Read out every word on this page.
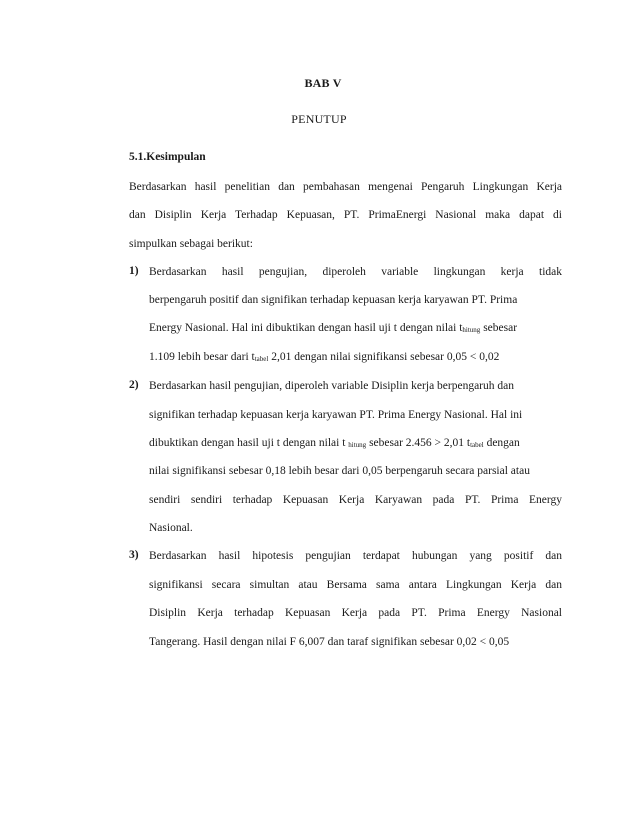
BAB V
PENUTUP
5.1.Kesimpulan
Berdasarkan hasil penelitian dan pembahasan mengenai Pengaruh Lingkungan Kerja
dan Disiplin Kerja Terhadap Kepuasan, PT. PrimaEnergi Nasional maka dapat di
simpulkan sebagai berikut:
1) Berdasarkan hasil pengujian, diperoleh variable lingkungan kerja tidak
berpengaruh positif dan signifikan terhadap kepuasan kerja karyawan PT. Prima
Energy Nasional. Hal ini dibuktikan dengan hasil uji t dengan nilai $t_{hitung}$ sebesar
1.109 lebih besar dari $t_{tabel}$ 2,01 dengan nilai signifikansi sebesar 0,05 < 0,02
2) Berdasarkan hasil pengujian, diperoleh variable Disiplin kerja berpengaruh dan
signifikan terhadap kepuasan kerja karyawan PT. Prima Energy Nasional. Hal ini
dibuktikan dengan hasil uji t dengan nilai t $_{hitung}$ sebesar 2.456 > 2,01 $t_{tabel}$ dengan
nilai signifikansi sebesar 0,18 lebih besar dari 0,05 berpengaruh secara parsial atau
sendiri sendiri terhadap Kepuasan Kerja Karyawan pada PT. Prima Energy
Nasional.
3) Berdasarkan hasil hipotesis pengujian terdapat hubungan yang positif dan
signifikansi secara simultan atau Bersama sama antara Lingkungan Kerja dan
Disiplin Kerja terhadap Kepuasan Kerja pada PT. Prima Energy Nasional
Tangerang. Hasil dengan nilai F 6,007 dan taraf signifikan sebesar 0,02 < 0,05
